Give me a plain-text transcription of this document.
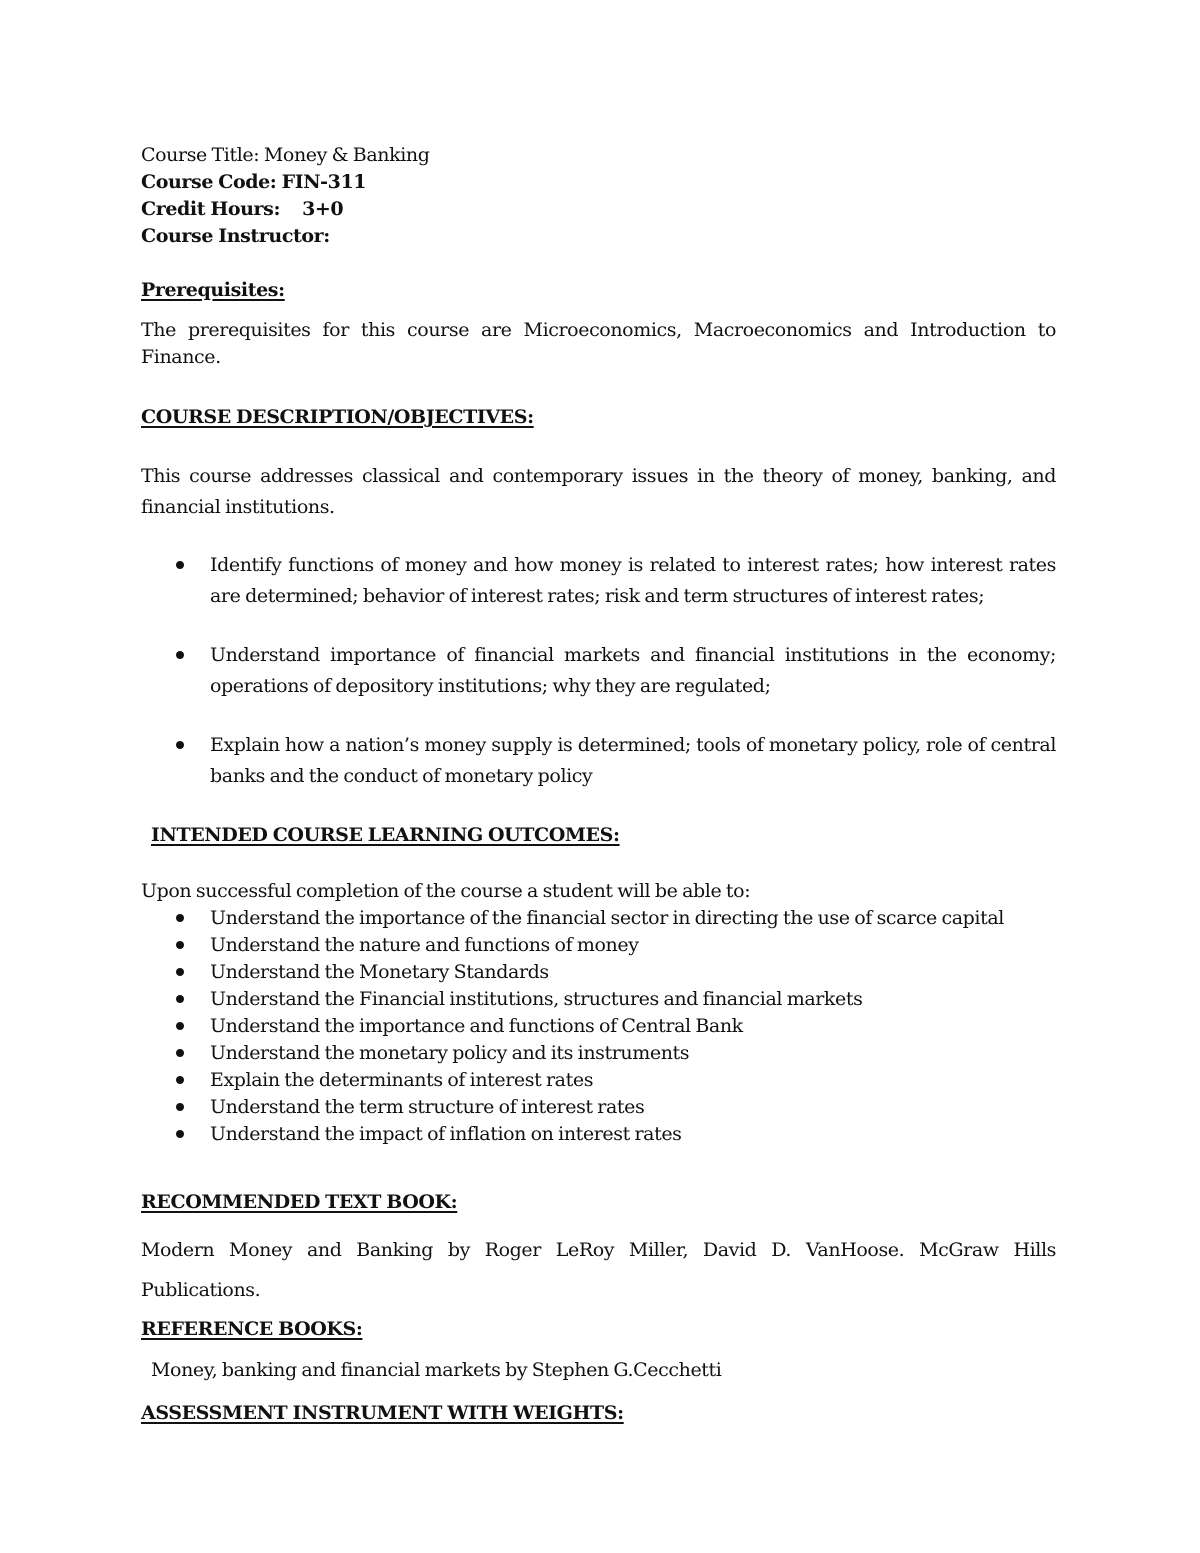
Course Title: Money & Banking
Course Code: FIN-311
Credit Hours: 3+0
Course Instructor:
Prerequisites:
The prerequisites for this course are Microeconomics, Macroeconomics and Introduction to Finance.
COURSE DESCRIPTION/OBJECTIVES:
This course addresses classical and contemporary issues in the theory of money, banking, and financial institutions.
Identify functions of money and how money is related to interest rates; how interest rates are determined; behavior of interest rates; risk and term structures of interest rates;
Understand importance of financial markets and financial institutions in the economy; operations of depository institutions; why they are regulated;
Explain how a nation’s money supply is determined; tools of monetary policy, role of central banks and the conduct of monetary policy
INTENDED COURSE LEARNING OUTCOMES:
Upon successful completion of the course a student will be able to:
Understand the importance of the financial sector in directing the use of scarce capital
Understand the nature and functions of money
Understand the Monetary Standards
Understand the Financial institutions, structures and financial markets
Understand the importance and functions of Central Bank
Understand the monetary policy and its instruments
Explain the determinants of interest rates
Understand the term structure of interest rates
Understand the impact of inflation on interest rates
RECOMMENDED TEXT BOOK:
Modern Money and Banking by Roger LeRoy Miller, David D. VanHoose. McGraw Hills Publications.
REFERENCE BOOKS:
Money, banking and financial markets by Stephen G.Cecchetti
ASSESSMENT INSTRUMENT WITH WEIGHTS:
